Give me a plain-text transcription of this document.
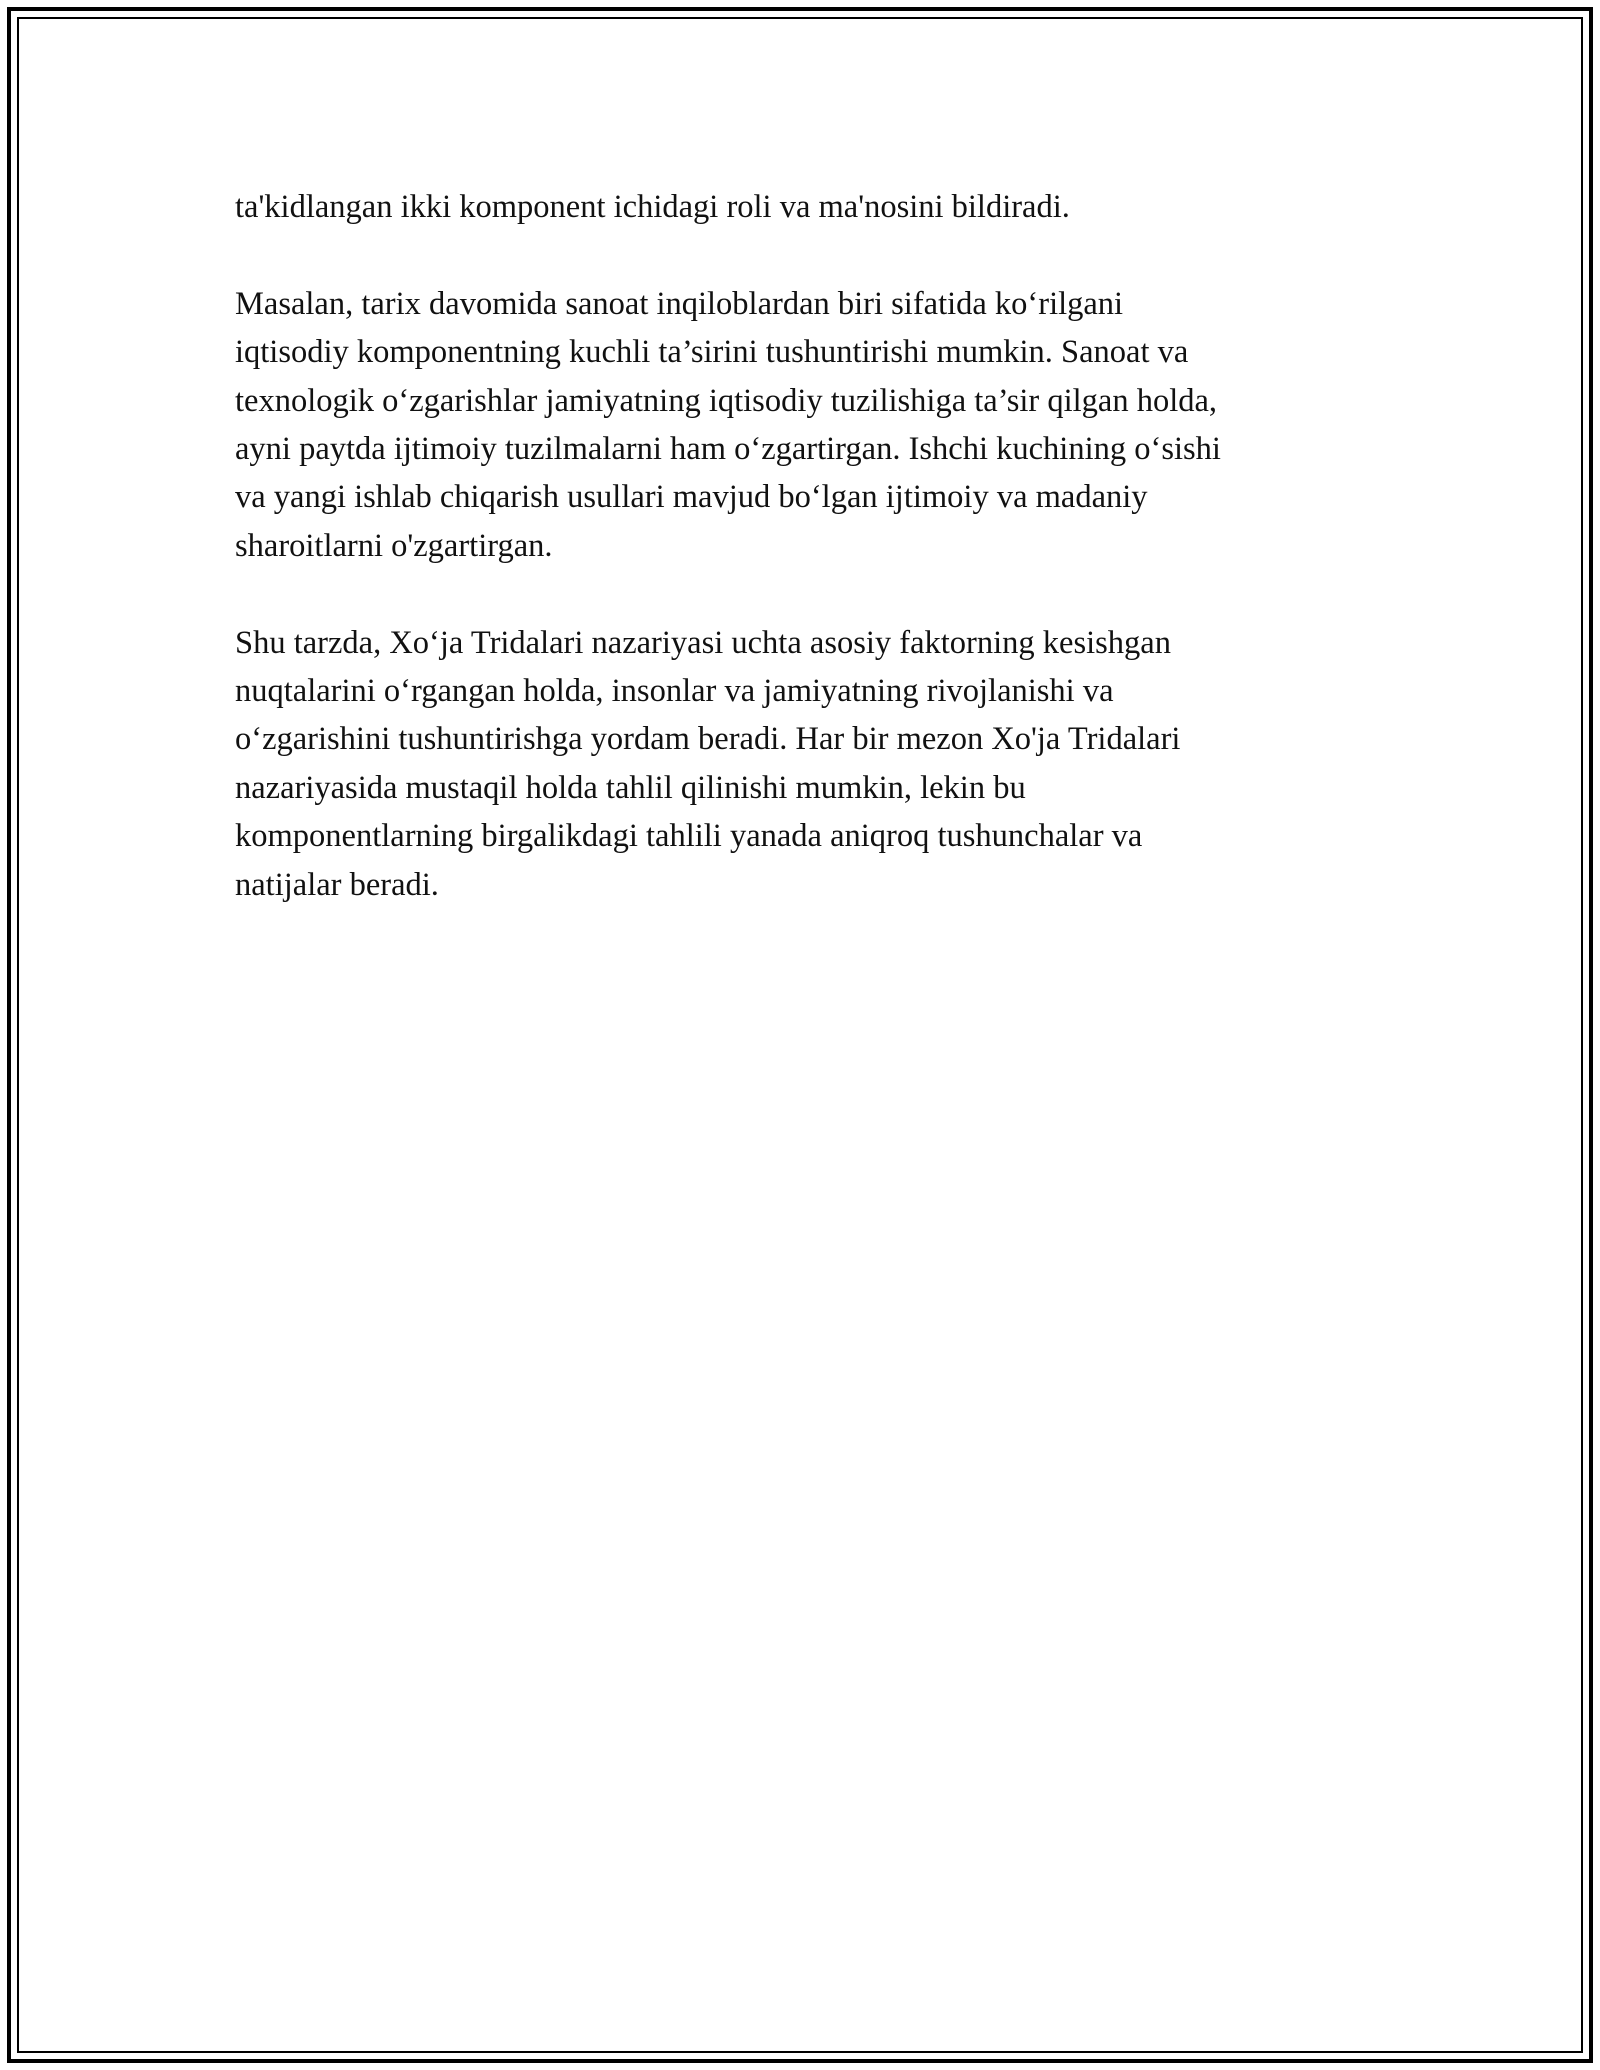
ta'kidlangan ikki komponent ichidagi roli va ma'nosini bildiradi.
Masalan, tarix davomida sanoat inqiloblardan biri sifatida ko‘rilgani
iqtisodiy komponentning kuchli ta’sirini tushuntirishi mumkin. Sanoat va
texnologik o‘zgarishlar jamiyatning iqtisodiy tuzilishiga ta’sir qilgan holda,
ayni paytda ijtimoiy tuzilmalarni ham o‘zgartirgan. Ishchi kuchining o‘sishi
va yangi ishlab chiqarish usullari mavjud bo‘lgan ijtimoiy va madaniy
sharoitlarni o'zgartirgan.
Shu tarzda, Xo‘ja Tridalari nazariyasi uchta asosiy faktorning kesishgan
nuqtalarini o‘rgangan holda, insonlar va jamiyatning rivojlanishi va
o‘zgarishini tushuntirishga yordam beradi. Har bir mezon Xo'ja Tridalari
nazariyasida mustaqil holda tahlil qilinishi mumkin, lekin bu
komponentlarning birgalikdagi tahlili yanada aniqroq tushunchalar va
natijalar beradi.
